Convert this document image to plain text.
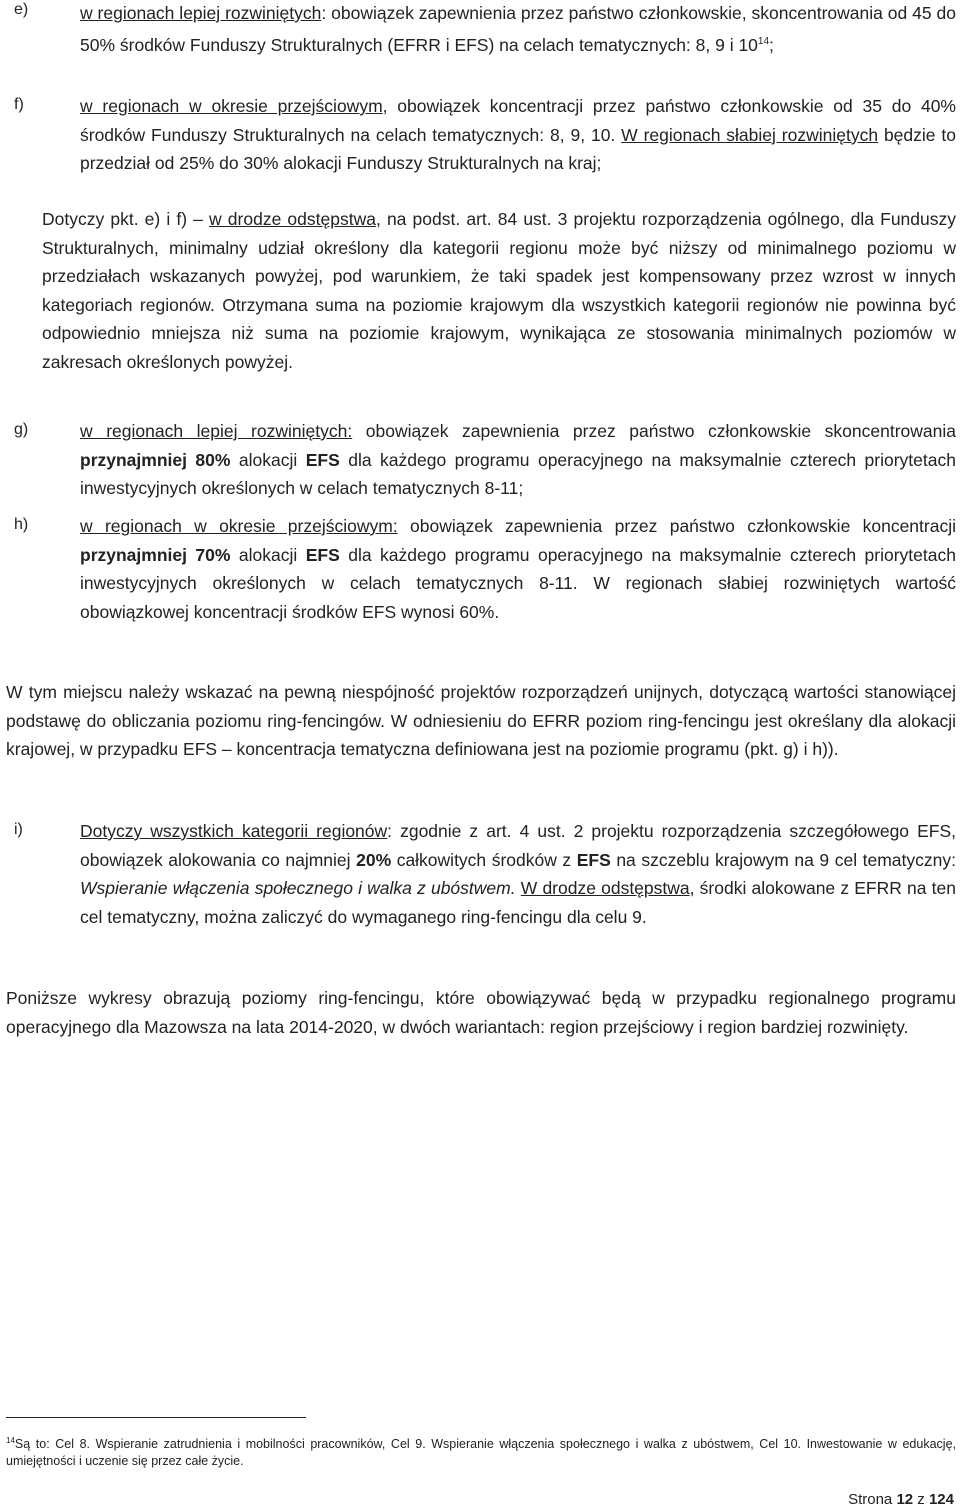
e)	w regionach lepiej rozwiniętych: obowiązek zapewnienia przez państwo członkowskie, skoncentrowania od 45 do 50% środków Funduszy Strukturalnych (EFRR i EFS) na celach tematycznych: 8, 9 i $10^{14}$;
f)	w regionach w okresie przejściowym, obowiązek koncentracji przez państwo członkowskie od 35 do 40% środków Funduszy Strukturalnych na celach tematycznych: 8, 9, 10. W regionach słabiej rozwiniętych będzie to przedział od 25% do 30% alokacji Funduszy Strukturalnych na kraj;
Dotyczy pkt. e) i f) – w drodze odstępstwa, na podst. art. 84 ust. 3 projektu rozporządzenia ogólnego, dla Funduszy Strukturalnych, minimalny udział określony dla kategorii regionu może być niższy od minimalnego poziomu w przedziałach wskazanych powyżej, pod warunkiem, że taki spadek jest kompensowany przez wzrost w innych kategoriach regionów. Otrzymana suma na poziomie krajowym dla wszystkich kategorii regionów nie powinna być odpowiednio mniejsza niż suma na poziomie krajowym, wynikająca ze stosowania minimalnych poziomów w zakresach określonych powyżej.
g)	w regionach lepiej rozwiniętych: obowiązek zapewnienia przez państwo członkowskie skoncentrowania przynajmniej 80% alokacji EFS dla każdego programu operacyjnego na maksymalnie czterech priorytetach inwestycyjnych określonych w celach tematycznych 8-11;
h)	w regionach w okresie przejściowym: obowiązek zapewnienia przez państwo członkowskie koncentracji przynajmniej 70% alokacji EFS dla każdego programu operacyjnego na maksymalnie czterech priorytetach inwestycyjnych określonych w celach tematycznych 8-11. W regionach słabiej rozwiniętych wartość obowiązkowej koncentracji środków EFS wynosi 60%.
W tym miejscu należy wskazać na pewną niespójność projektów rozporządzeń unijnych, dotyczącą wartości stanowiącej podstawę do obliczania poziomu ring-fencingów. W odniesieniu do EFRR poziom ring-fencingu jest określany dla alokacji krajowej, w przypadku EFS – koncentracja tematyczna definiowana jest na poziomie programu (pkt. g) i h)).
i)	Dotyczy wszystkich kategorii regionów: zgodnie z art. 4 ust. 2 projektu rozporządzenia szczegółowego EFS, obowiązek alokowania co najmniej 20% całkowitych środków z EFS na szczeblu krajowym na 9 cel tematyczny: Wspieranie włączenia społecznego i walka z ubóstwem. W drodze odstępstwa, środki alokowane z EFRR na ten cel tematyczny, można zaliczyć do wymaganego ring-fencingu dla celu 9.
Poniższe wykresy obrazują poziomy ring-fencingu, które obowiązywać będą w przypadku regionalnego programu operacyjnego dla Mazowsza na lata 2014-2020, w dwóch wariantach: region przejściowy i region bardziej rozwinięty.
$^{14}$Są to: Cel 8. Wspieranie zatrudnienia i mobilności pracowników, Cel 9. Wspieranie włączenia społecznego i walka z ubóstwem, Cel 10. Inwestowanie w edukację, umiejętności i uczenie się przez całe życie.
Strona 12 z 124
